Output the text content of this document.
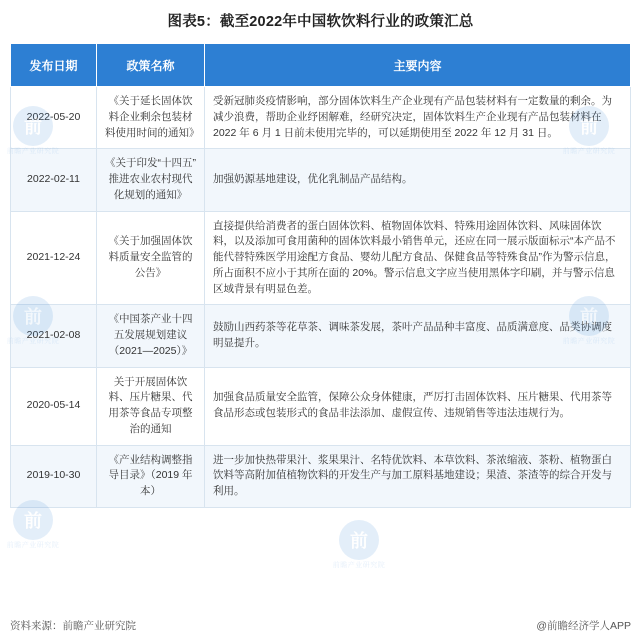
图表5：截至2022年中国软饮料行业的政策汇总
发布日期	政策名称	主要内容
2022-05-20	《关于延长固体饮料企业剩余包装材料使用时间的通知》	受新冠肺炎疫情影响，部分固体饮料生产企业现有产品包装材料有一定数量的剩余。为减少浪费，帮助企业纾困解难，经研究决定，固体饮料生产企业现有产品包装材料在 2022 年 6 月 1 日前未使用完毕的，可以延期使用至 2022 年 12 月 31 日。
2022-02-11	《关于印发“十四五”推进农业农村现代化规划的通知》	加强奶源基地建设，优化乳制品产品结构。
2021-12-24	《关于加强固体饮料质量安全监管的公告》	直接提供给消费者的蛋白固体饮料、植物固体饮料、特殊用途固体饮料、风味固体饮料，以及添加可食用菌种的固体饮料最小销售单元，还应在同一展示版面标示“本产品不能代替特殊医学用途配方食品、婴幼儿配方食品、保健食品等特殊食品”作为警示信息，所占面积不应小于其所在面的 20%。警示信息文字应当使用黑体字印刷，并与警示信息区域背景有明显色差。
2021-02-08	《中国茶产业十四五发展规划建议（2021—2025）》	鼓励山西药茶等花草茶、调味茶发展，茶叶产品品种丰富度、品质满意度、品类协调度明显提升。
2020-05-14	关于开展固体饮料、压片糖果、代用茶等食品专项整治的通知	加强食品质量安全监管，保障公众身体健康，严厉打击固体饮料、压片糖果、代用茶等食品形态或包装形式的食品非法添加、虚假宣传、违规销售等违法违规行为。
2019-10-30	《产业结构调整指导目录》（2019 年本）	进一步加快热带果汁、浆果果汁、名特优饮料、本草饮料、茶浓缩液、茶粉、植物蛋白饮料等高附加值植物饮料的开发生产与加工原料基地建设；果渣、茶渣等的综合开发与利用。
资料来源：前瞻产业研究院	@前瞻经济学人APP
前
前瞻产业研究院	前
前瞻产业研究院
